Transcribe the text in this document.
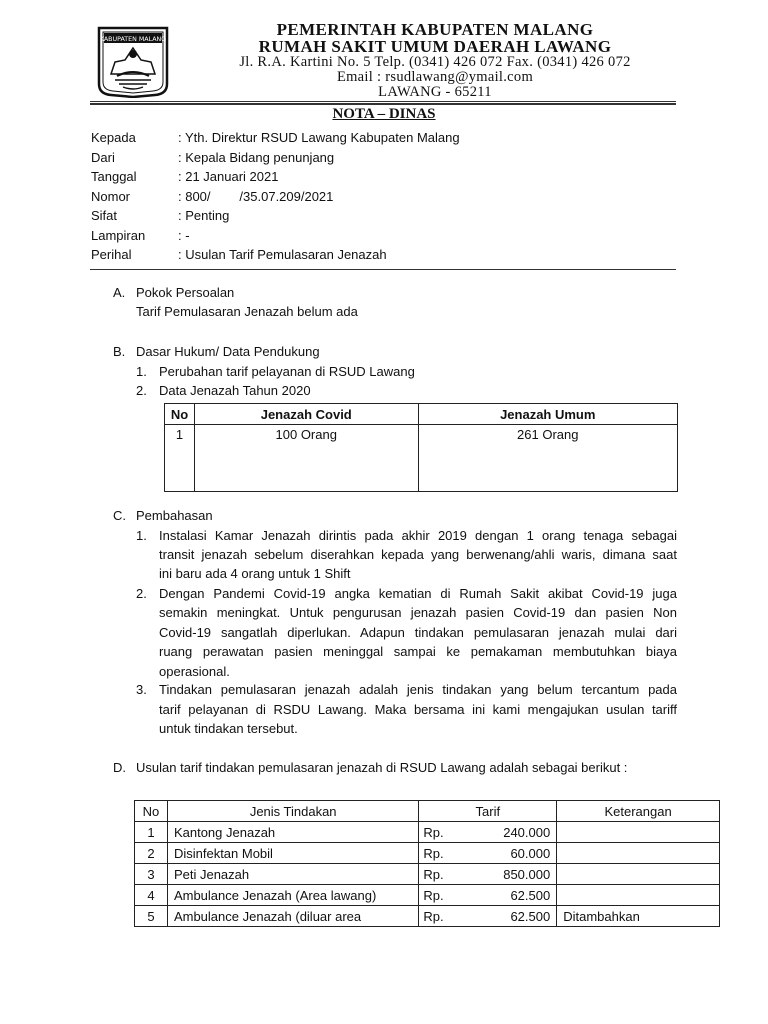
KABUPATEN MALANG
PEMERINTAH KABUPATEN MALANG
RUMAH SAKIT UMUM DAERAH LAWANG
Jl. R.A. Kartini No. 5 Telp. (0341) 426 072 Fax. (0341) 426 072
Email : rsudlawang@ymail.com
LAWANG - 65211
NOTA – DINAS
Kepada	: Yth. Direktur RSUD Lawang Kabupaten Malang
Dari	: Kepala Bidang penunjang
Tanggal	: 21 Januari 2021
Nomor	: 800/        /35.07.209/2021
Sifat	: Penting
Lampiran	: -
Perihal	: Usulan Tarif Pemulasaran Jenazah
A. Pokok Persoalan
Tarif Pemulasaran Jenazah belum ada
B. Dasar Hukum/ Data Pendukung
1. Perubahan tarif pelayanan di RSUD Lawang
2. Data Jenazah Tahun 2020
No	Jenazah Covid	Jenazah Umum
1	100 Orang	261 Orang
C. Pembahasan
1. Instalasi Kamar Jenazah dirintis pada akhir 2019 dengan 1 orang tenaga sebagai
transit jenazah sebelum diserahkan kepada yang berwenang/ahli waris, dimana saat
ini baru ada 4 orang untuk 1 Shift
2. Dengan Pandemi Covid-19 angka kematian di Rumah Sakit akibat Covid-19 juga
semakin meningkat. Untuk pengurusan jenazah pasien Covid-19 dan pasien Non
Covid-19 sangatlah diperlukan. Adapun tindakan pemulasaran jenazah mulai dari
ruang perawatan pasien meninggal sampai ke pemakaman membutuhkan biaya
operasional.
3. Tindakan pemulasaran jenazah adalah jenis tindakan yang belum tercantum pada
tarif pelayanan di RSDU Lawang. Maka bersama ini kami mengajukan usulan tariff
untuk tindakan tersebut.
D. Usulan tarif tindakan pemulasaran jenazah di RSUD Lawang adalah sebagai berikut :
No	Jenis Tindakan	Tarif		Keterangan
1	Kantong Jenazah	Rp.	240.000	
2	Disinfektan Mobil	Rp.	60.000	
3	Peti Jenazah	Rp.	850.000	
4	Ambulance Jenazah (Area lawang)	Rp.	62.500	
5	Ambulance Jenazah (diluar area	Rp.	62.500	Ditambahkan
